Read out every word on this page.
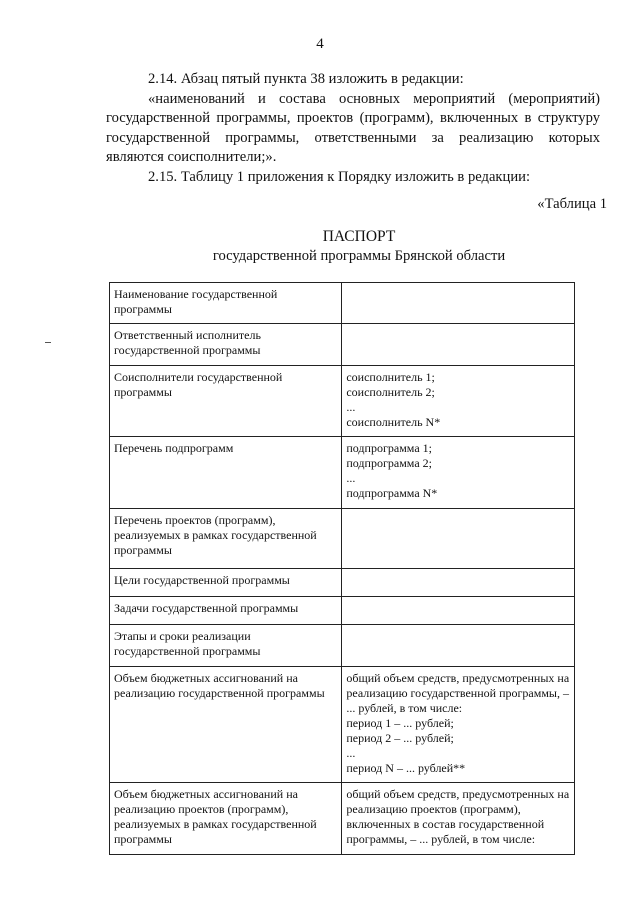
4

2.14. Абзац пятый пункта 38 изложить в редакции:

«наименований и состава основных мероприятий (мероприятий) государственной программы, проектов (программ), включенных в структуру государственной программы, ответственными за реализацию которых являются соисполнители;».

2.15. Таблицу 1 приложения к Порядку изложить в редакции:

«Таблица 1
ПАСПОРТ
государственной программы Брянской области
Наименование государственной программы	
Ответственный исполнитель государственной программы	
Соисполнители государственной программы	соисполнитель 1;
соисполнитель 2;
...
соисполнитель N*

Перечень подпрограмм	подпрограмма 1;
подпрограмма 2;
...
подпрограмма N*

Перечень проектов (программ), реализуемых в рамках государственной программы	
Цели государственной программы	
Задачи государственной программы	
Этапы и сроки реализации государственной программы	
Объем бюджетных ассигнований на реализацию государственной программы	общий объем средств, предусмотренных на реализацию государственной программы, – ... рублей, в том числе:
период 1 – ... рублей;
период 2 – ... рублей;
...
период N – ... рублей**

Объем бюджетных ассигнований на реализацию проектов (программ), реализуемых в рамках государственной программы	общий объем средств, предусмотренных на реализацию проектов (программ), включенных в состав государственной программы, – ... рублей, в том числе:
